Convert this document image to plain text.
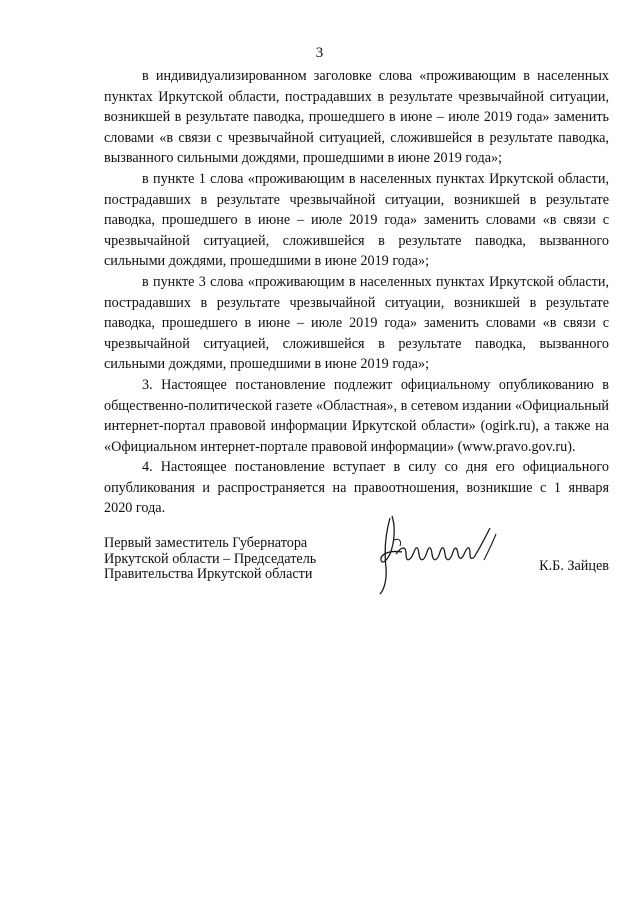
3

в индивидуализированном заголовке слова «проживающим в населенных пунктах Иркутской области, пострадавших в результате чрезвычайной ситуации, возникшей в результате паводка, прошедшего в июне – июле 2019 года» заменить словами «в связи с чрезвычайной ситуацией, сложившейся в результате паводка, вызванного сильными дождями, прошедшими в июне 2019 года»;

в пункте 1 слова «проживающим в населенных пунктах Иркутской области, пострадавших в результате чрезвычайной ситуации, возникшей в результате паводка, прошедшего в июне – июле 2019 года» заменить словами «в связи с чрезвычайной ситуацией, сложившейся в результате паводка, вызванного сильными дождями, прошедшими в июне 2019 года»;

в пункте 3 слова «проживающим в населенных пунктах Иркутской области, пострадавших в результате чрезвычайной ситуации, возникшей в результате паводка, прошедшего в июне – июле 2019 года» заменить словами «в связи с чрезвычайной ситуацией, сложившейся в результате паводка, вызванного сильными дождями, прошедшими в июне 2019 года»;

3. Настоящее постановление подлежит официальному опубликованию в общественно-политической газете «Областная», в сетевом издании «Официальный интернет-портал правовой информации Иркутской области» (ogirk.ru), а также на «Официальном интернет-портале правовой информации» (www.pravo.gov.ru).

4. Настоящее постановление вступает в силу со дня его официального опубликования и распространяется на правоотношения, возникшие с 1 января 2020 года.

Первый заместитель Губернатора
Иркутской области – Председатель
Правительства Иркутской области	К.Б. Зайцев
